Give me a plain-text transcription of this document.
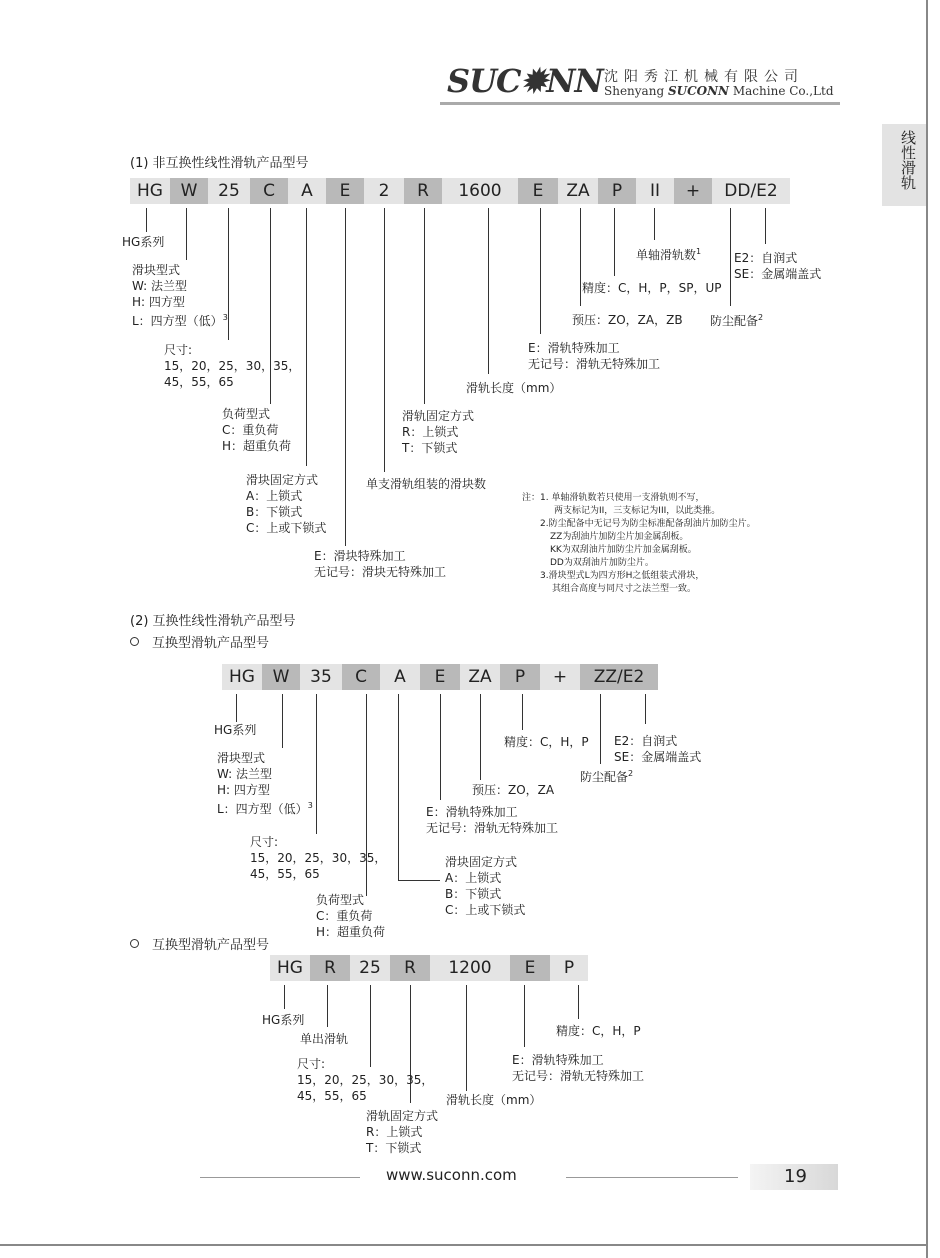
SUC✹NN 沈阳秀江机械有限公司
Shenyang SUCONN Machine Co.,Ltd
线性滑轨
(1) 非互换性线性滑轨产品型号
HG	W	25	C	A	E	2	R	1600	E	ZA	P	II	+	DD/E2
HG系列
滑块型式
W: 法兰型
H: 四方型
L：四方型（低）$^3$
尺寸:
15，20，25，30，35，
45，55，65
负荷型式
C：重负荷
H：超重负荷
滑块固定方式
A：上锁式
B：下锁式
C：上或下锁式
E：滑块特殊加工
无记号：滑块无特殊加工
单支滑轨组装的滑块数
滑轨固定方式
R：上锁式
T：下锁式
滑轨长度（mm）
E：滑轨特殊加工
无记号：滑轨无特殊加工
预压：ZO，ZA，ZB
精度：C，H，P，SP，UP
单轴滑轨数$^1$
防尘配备$^2$
E2：自润式
SE：金属端盖式
注：1. 单轴滑轨数若只使用一支滑轨则不写，
两支标记为II，三支标记为III，以此类推。
2.防尘配备中无记号为防尘标准配备刮油片加防尘片。
ZZ为刮油片加防尘片加金属刮板。
KK为双刮油片加防尘片加金属刮板。
DD为双刮油片加防尘片。
3.滑块型式L为四方形H之低组装式滑块，
其组合高度与同尺寸之法兰型一致。
(2) 互换性线性滑轨产品型号
互换型滑轨产品型号
HG	W	35	C	A	E	ZA	P	+	ZZ/E2
HG系列
滑块型式
W: 法兰型
H: 四方型
L：四方型（低）$^3$
尺寸:
15，20，25，30，35，
45，55，65
负荷型式
C：重负荷
H：超重负荷
滑块固定方式
A：上锁式
B：下锁式
C：上或下锁式
E：滑轨特殊加工
无记号：滑轨无特殊加工
预压：ZO，ZA
精度：C，H，P
防尘配备$^2$
E2：自润式
SE：金属端盖式
互换型滑轨产品型号
HG	R	25	R	1200	E	P
HG系列
单出滑轨
尺寸:
15，20，25，30，35，
45，55，65
滑轨固定方式
R：上锁式
T：下锁式
滑轨长度（mm）
E：滑轨特殊加工
无记号：滑轨无特殊加工
精度：C，H，P
www.suconn.com	19
